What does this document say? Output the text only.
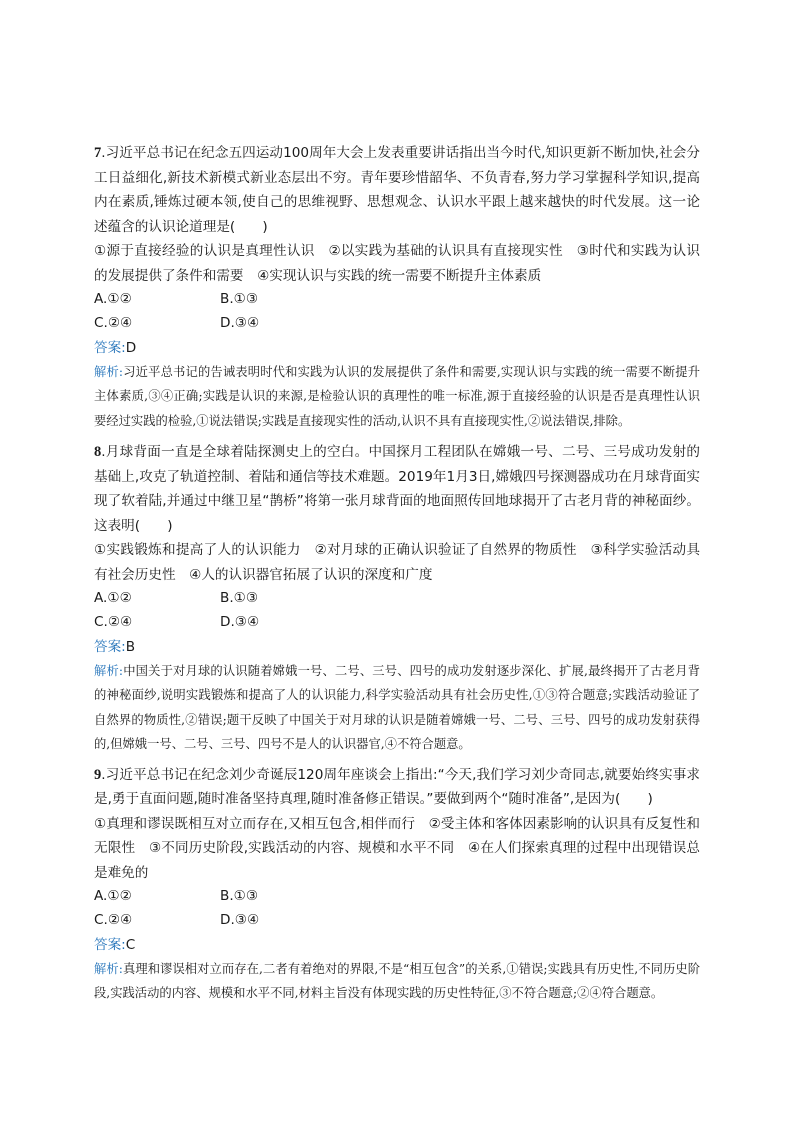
7.习近平总书记在纪念五四运动100周年大会上发表重要讲话指出当今时代,知识更新不断加快,社会分工日益细化,新技术新模式新业态层出不穷。青年要珍惜韶华、不负青春,努力学习掌握科学知识,提高内在素质,锤炼过硬本领,使自己的思维视野、思想观念、认识水平跟上越来越快的时代发展。这一论述蕴含的认识论道理是(　　)

①源于直接经验的认识是真理性认识　②以实践为基础的认识具有直接现实性　③时代和实践为认识的发展提供了条件和需要　④实现认识与实践的统一需要不断提升主体素质

A.①②	B.①③
C.②④	D.③④

答案:D

解析:习近平总书记的告诫表明时代和实践为认识的发展提供了条件和需要,实现认识与实践的统一需要不断提升主体素质,③④正确;实践是认识的来源,是检验认识的真理性的唯一标准,源于直接经验的认识是否是真理性认识要经过实践的检验,①说法错误;实践是直接现实性的活动,认识不具有直接现实性,②说法错误,排除。

8.月球背面一直是全球着陆探测史上的空白。中国探月工程团队在嫦娥一号、二号、三号成功发射的基础上,攻克了轨道控制、着陆和通信等技术难题。2019年1月3日,嫦娥四号探测器成功在月球背面实现了软着陆,并通过中继卫星“鹊桥”将第一张月球背面的地面照传回地球揭开了古老月背的神秘面纱。这表明(　　)

①实践锻炼和提高了人的认识能力　②对月球的正确认识验证了自然界的物质性　③科学实验活动具有社会历史性　④人的认识器官拓展了认识的深度和广度

A.①②	B.①③
C.②④	D.③④

答案:B

解析:中国关于对月球的认识随着嫦娥一号、二号、三号、四号的成功发射逐步深化、扩展,最终揭开了古老月背的神秘面纱,说明实践锻炼和提高了人的认识能力,科学实验活动具有社会历史性,①③符合题意;实践活动验证了自然界的物质性,②错误;题干反映了中国关于对月球的认识是随着嫦娥一号、二号、三号、四号的成功发射获得的,但嫦娥一号、二号、三号、四号不是人的认识器官,④不符合题意。

9.习近平总书记在纪念刘少奇诞辰120周年座谈会上指出:“今天,我们学习刘少奇同志,就要始终实事求是,勇于直面问题,随时准备坚持真理,随时准备修正错误。”要做到两个“随时准备”,是因为(　　)

①真理和谬误既相互对立而存在,又相互包含,相伴而行　②受主体和客体因素影响的认识具有反复性和无限性　③不同历史阶段,实践活动的内容、规模和水平不同　④在人们探索真理的过程中出现错误总是难免的

A.①②	B.①③
C.②④	D.③④

答案:C

解析:真理和谬误相对立而存在,二者有着绝对的界限,不是“相互包含”的关系,①错误;实践具有历史性,不同历史阶段,实践活动的内容、规模和水平不同,材料主旨没有体现实践的历史性特征,③不符合题意;②④符合题意。
